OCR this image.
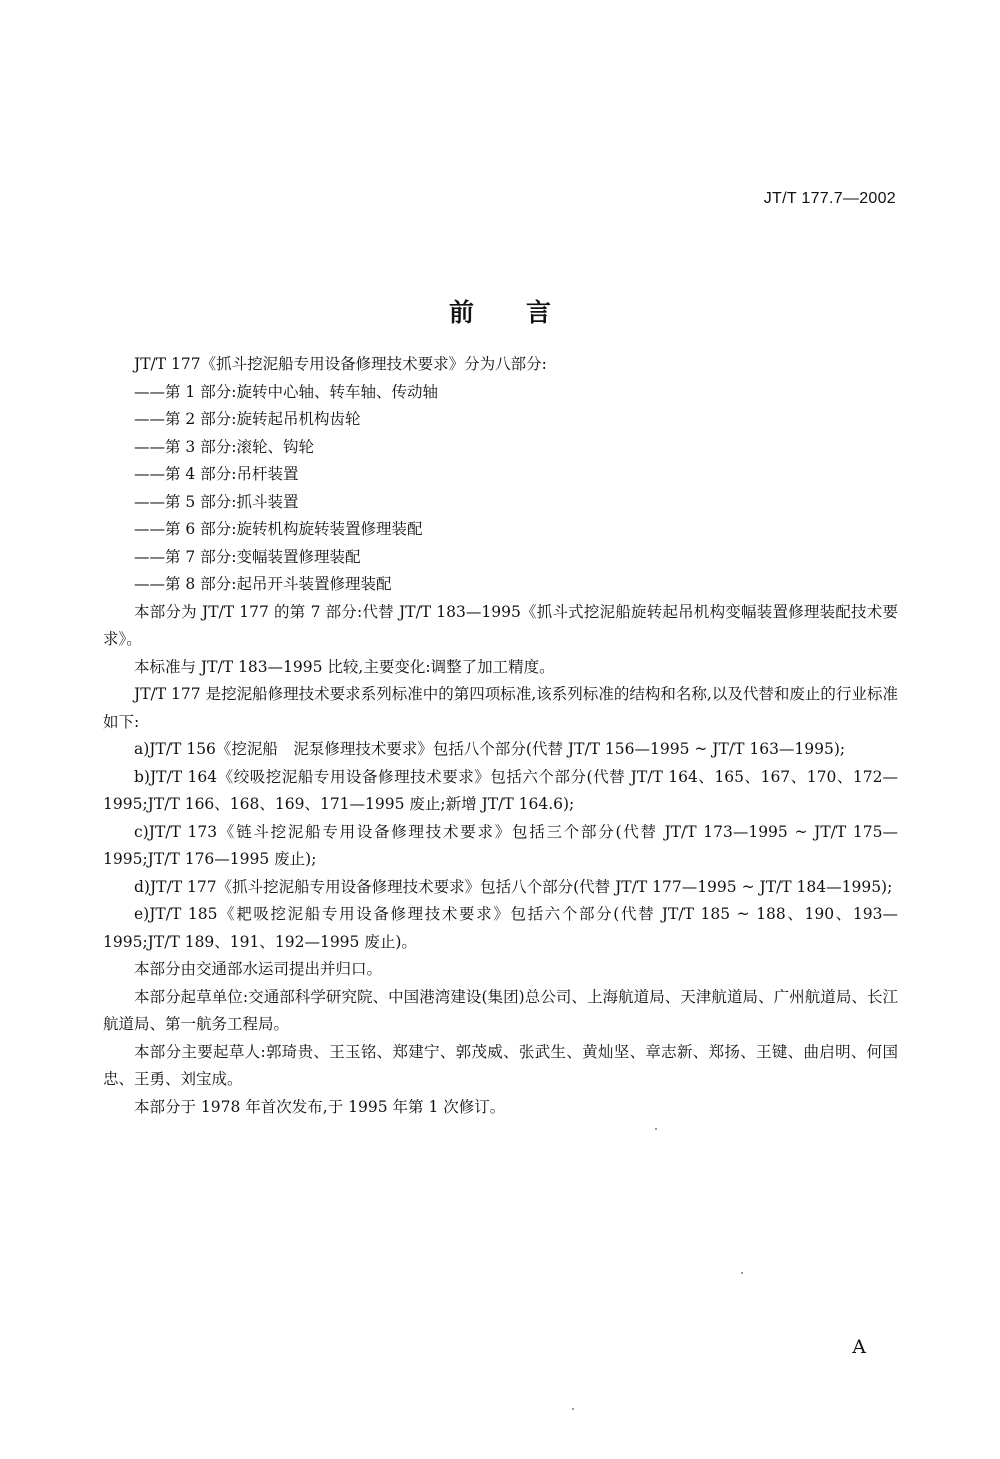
JT/T 177.7—2002
前言

JT/T 177《抓斗挖泥船专用设备修理技术要求》分为八部分:

——第 1 部分:旋转中心轴、转车轴、传动轴

——第 2 部分:旋转起吊机构齿轮

——第 3 部分:滚轮、钩轮

——第 4 部分:吊杆装置

——第 5 部分:抓斗装置

——第 6 部分:旋转机构旋转装置修理装配

——第 7 部分:变幅装置修理装配

——第 8 部分:起吊开斗装置修理装配

本部分为 JT/T 177 的第 7 部分:代替 JT/T 183—1995《抓斗式挖泥船旋转起吊机构变幅装置修理装配技术要求》。

本标准与 JT/T 183—1995 比较,主要变化:调整了加工精度。

JT/T 177 是挖泥船修理技术要求系列标准中的第四项标准,该系列标准的结构和名称,以及代替和废止的行业标准如下:

a)JT/T 156《挖泥船　泥泵修理技术要求》包括八个部分(代替 JT/T 156—1995 ~ JT/T 163—1995);

b)JT/T 164《绞吸挖泥船专用设备修理技术要求》包括六个部分(代替 JT/T 164、165、167、170、172—1995;JT/T 166、168、169、171—1995 废止;新增 JT/T 164.6);

c)JT/T 173《链斗挖泥船专用设备修理技术要求》包括三个部分(代替 JT/T 173—1995 ~ JT/T 175—1995;JT/T 176—1995 废止);

d)JT/T 177《抓斗挖泥船专用设备修理技术要求》包括八个部分(代替 JT/T 177—1995 ~ JT/T 184—1995);

e)JT/T 185《耙吸挖泥船专用设备修理技术要求》包括六个部分(代替 JT/T 185 ~ 188、190、193—1995;JT/T 189、191、192—1995 废止)。

本部分由交通部水运司提出并归口。

本部分起草单位:交通部科学研究院、中国港湾建设(集团)总公司、上海航道局、天津航道局、广州航道局、长江航道局、第一航务工程局。

本部分主要起草人:郭琦贵、王玉铭、郑建宁、郭茂威、张武生、黄灿坚、章志新、郑扬、王键、曲启明、何国忠、王勇、刘宝成。

本部分于 1978 年首次发布,于 1995 年第 1 次修订。

A
